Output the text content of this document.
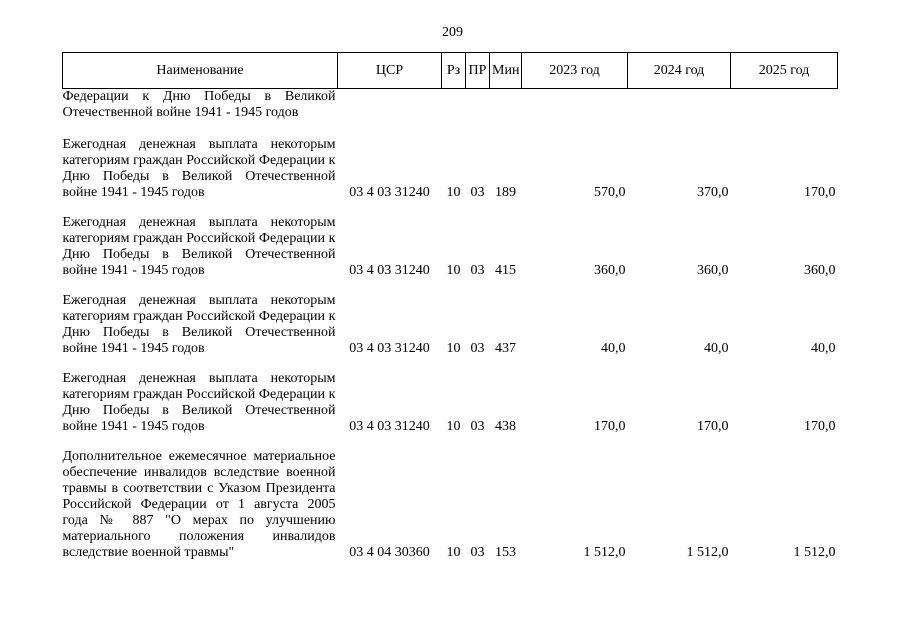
209
Наименование	ЦСР	Рз	ПР	Мин	2023 год	2024 год	2025 год
Федерации к Дню Победы в Великой Отечественной войне 1941 - 1945 годов							
Ежегодная денежная выплата некоторым категориям граждан Российской Федерации к Дню Победы в Великой Отечественной войне 1941 - 1945 годов	03 4 03 31240	10	03	189	570,0	370,0	170,0
Ежегодная денежная выплата некоторым категориям граждан Российской Федерации к Дню Победы в Великой Отечественной войне 1941 - 1945 годов	03 4 03 31240	10	03	415	360,0	360,0	360,0
Ежегодная денежная выплата некоторым категориям граждан Российской Федерации к Дню Победы в Великой Отечественной войне 1941 - 1945 годов	03 4 03 31240	10	03	437	40,0	40,0	40,0
Ежегодная денежная выплата некоторым категориям граждан Российской Федерации к Дню Победы в Великой Отечественной войне 1941 - 1945 годов	03 4 03 31240	10	03	438	170,0	170,0	170,0
Дополнительное ежемесячное материальное обеспечение инвалидов вследствие военной травмы в соответствии с Указом Президента Российской Федерации от 1 августа 2005 года № 887 "О мерах по улучшению материального положения инвалидов вследствие военной травмы"	03 4 04 30360	10	03	153	1 512,0	1 512,0	1 512,0
